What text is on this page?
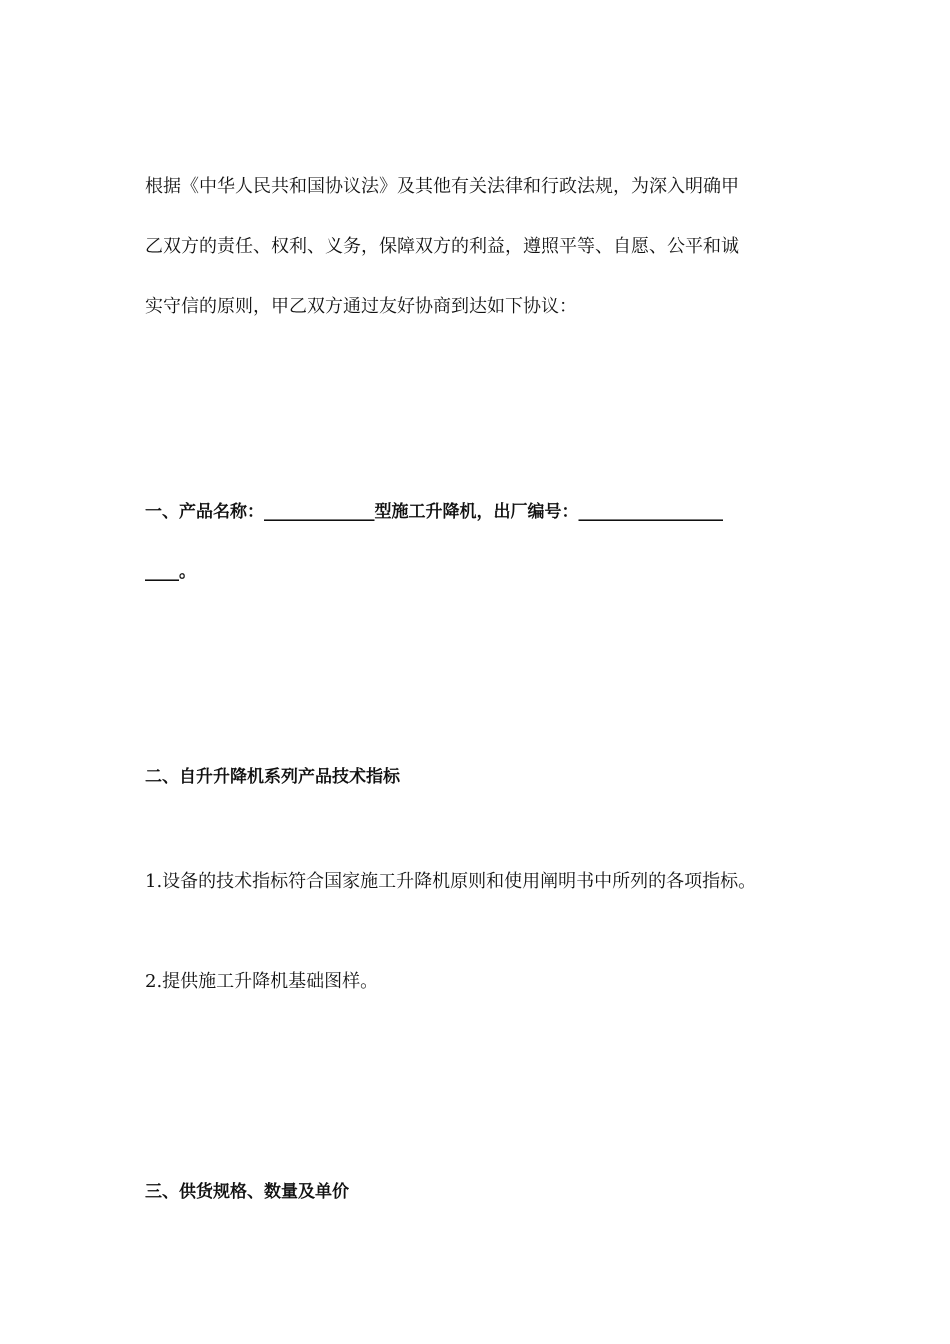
根据《中华人民共和国协议法》及其他有关法律和行政法规，为深入明确甲
乙双方的责任、权利、义务，保障双方的利益，遵照平等、自愿、公平和诚
实守信的原则，甲乙双方通过友好协商到达如下协议：
一、产品名称：_____________型施工升降机，出厂编号：_________________
____。
二、自升升降机系列产品技术指标
1.设备的技术指标符合国家施工升降机原则和使用阐明书中所列的各项指标。
2.提供施工升降机基础图样。
三、供货规格、数量及单价
